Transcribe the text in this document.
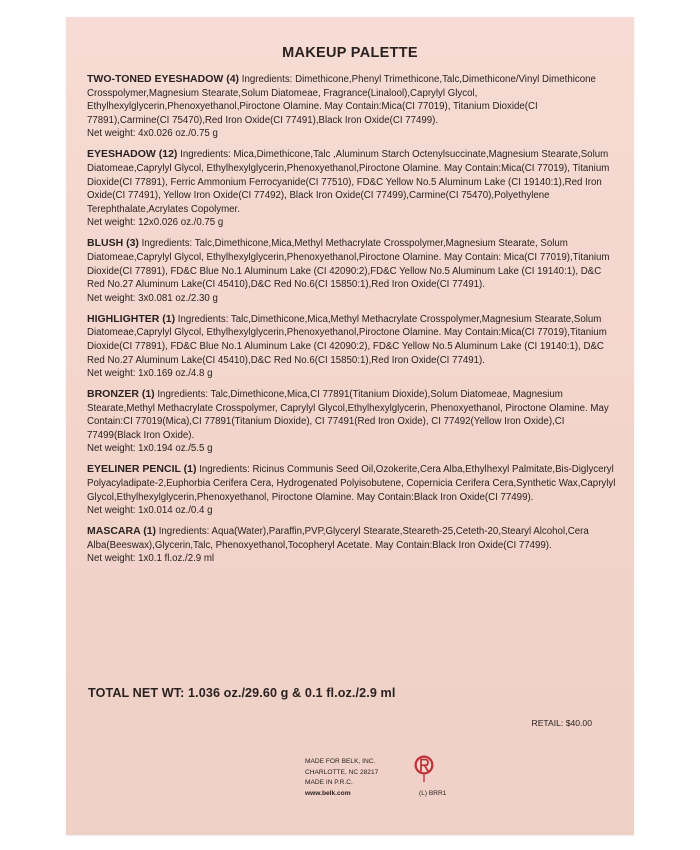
MAKEUP PALETTE
TWO-TONED EYESHADOW (4) Ingredients: Dimethicone,Phenyl Trimethicone,Talc,Dimethicone/Vinyl Dimethicone Crosspolymer,Magnesium Stearate,Solum Diatomeae, Fragrance(Linalool),Caprylyl Glycol, Ethylhexylglycerin,Phenoxyethanol,Piroctone Olamine. May Contain:Mica(CI 77019), Titanium Dioxide(CI 77891),Carmine(CI 75470),Red Iron Oxide(CI 77491),Black Iron Oxide(CI 77499).
Net weight: 4x0.026 oz./0.75 g
EYESHADOW (12) Ingredients: Mica,Dimethicone,Talc ,Aluminum Starch Octenylsuccinate,Magnesium Stearate,Solum Diatomeae,Caprylyl Glycol, Ethylhexylglycerin,Phenoxyethanol,Piroctone Olamine. May Contain:Mica(CI 77019), Titanium Dioxide(CI 77891), Ferric Ammonium Ferrocyanide(CI 77510), FD&C Yellow No.5 Aluminum Lake (CI 19140:1),Red Iron Oxide(CI 77491), Yellow Iron Oxide(CI 77492), Black Iron Oxide(CI 77499),Carmine(CI 75470),Polyethylene Terephthalate,Acrylates Copolymer.
Net weight: 12x0.026 oz./0.75 g
BLUSH (3) Ingredients: Talc,Dimethicone,Mica,Methyl Methacrylate Crosspolymer,Magnesium Stearate, Solum Diatomeae,Caprylyl Glycol, Ethylhexylglycerin,Phenoxyethanol,Piroctone Olamine. May Contain: Mica(CI 77019),Titanium Dioxide(CI 77891), FD&C Blue No.1 Aluminum Lake (CI 42090:2),FD&C Yellow No.5 Aluminum Lake (CI 19140:1), D&C Red No.27 Aluminum Lake(CI 45410),D&C Red No.6(CI 15850:1),Red Iron Oxide(CI 77491).
Net weight: 3x0.081 oz./2.30 g
HIGHLIGHTER (1) Ingredients: Talc,Dimethicone,Mica,Methyl Methacrylate Crosspolymer,Magnesium Stearate,Solum Diatomeae,Caprylyl Glycol, Ethylhexylglycerin,Phenoxyethanol,Piroctone Olamine. May Contain:Mica(CI 77019),Titanium Dioxide(CI 77891), FD&C Blue No.1 Aluminum Lake (CI 42090:2), FD&C Yellow No.5 Aluminum Lake (CI 19140:1), D&C Red No.27 Aluminum Lake(CI 45410),D&C Red No.6(CI 15850:1),Red Iron Oxide(CI 77491).
Net weight: 1x0.169 oz./4.8 g
BRONZER (1) Ingredients: Talc,Dimethicone,Mica,CI 77891(Titanium Dioxide),Solum Diatomeae, Magnesium Stearate,Methyl Methacrylate Crosspolymer, Caprylyl Glycol,Ethylhexylglycerin, Phenoxyethanol, Piroctone Olamine. May Contain:CI 77019(Mica),CI 77891(Titanium Dioxide), CI 77491(Red Iron Oxide), CI 77492(Yellow Iron Oxide),CI 77499(Black Iron Oxide).
Net weight: 1x0.194 oz./5.5 g
EYELINER PENCIL (1) Ingredients: Ricinus Communis Seed Oil,Ozokerite,Cera Alba,Ethylhexyl Palmitate,Bis-Diglyceryl Polyacyladipate-2,Euphorbia Cerifera Cera, Hydrogenated Polyisobutene, Copernicia Cerifera Cera,Synthetic Wax,Caprylyl Glycol,Ethylhexylglycerin,Phenoxyethanol, Piroctone Olamine. May Contain:Black Iron Oxide(CI 77499).
Net weight: 1x0.014 oz./0.4 g
MASCARA (1) Ingredients: Aqua(Water),Paraffin,PVP,Glyceryl Stearate,Steareth-25,Ceteth-20,Stearyl Alcohol,Cera Alba(Beeswax),Glycerin,Talc, Phenoxyethanol,Tocopheryl Acetate. May Contain:Black Iron Oxide(CI 77499).
Net weight: 1x0.1 fl.oz./2.9 ml
TOTAL NET WT: 1.036 oz./29.60 g & 0.1 fl.oz./2.9 ml
RETAIL: $40.00
MADE FOR BELK, INC.
CHARLOTTE, NC 28217
MADE IN P.R.C.
www.belk.com	(L) BRR1
